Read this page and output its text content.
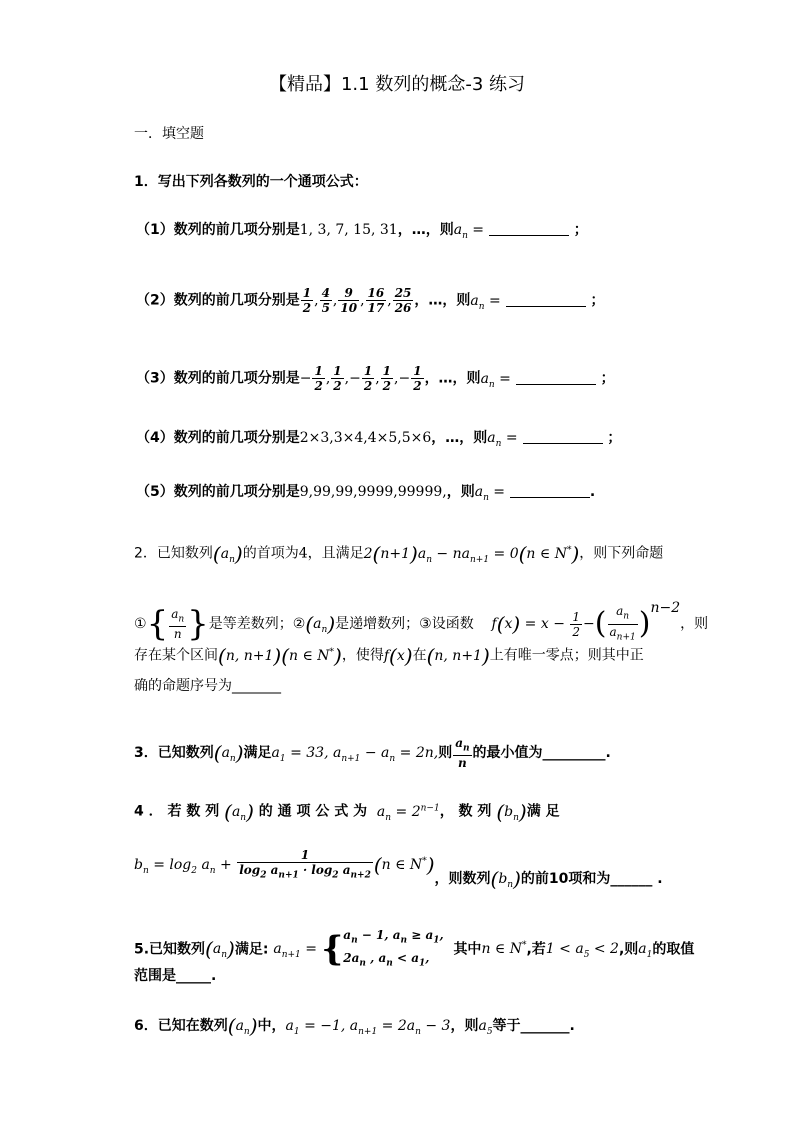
【精品】1.1 数列的概念-3 练习
一．填空题
1．写出下列各数列的一个通项公式：
（1）数列的前几项分别是1, 3, 7, 15, 31，…，则$a_n$ =	；
（2）数列的前几项分别是 $\frac{1}{2}$ , $\frac{4}{5}$ , $\frac{9}{10}$ , $\frac{16}{17}$ , $\frac{25}{26}$ ，…，则$a_n$ =	；
（3）数列的前几项分别是− $\frac{1}{2}$ , $\frac{1}{2}$ ,− $\frac{1}{2}$ , $\frac{1}{2}$ ,− $\frac{1}{2}$ ，…，则$a_n$ =	；
（4）数列的前几项分别是2×3,3×4,4×5,5×6，…，则$a_n$ =	；
（5）数列的前几项分别是9,99,99,9999,99999,，则$a_n$ =	.
2．已知数列$(a_n)$的首项为4，且满足$2(n+1)a_n - na_{n+1} = 0(n$ ∈ N*)，则下列命题
①{ $\frac{a_n}{n}$ }是等差数列；$②(a_n)$是递增数列；③设函数 $f(x) = x - \frac{1}{2}$ −( $\frac{a_n}{a_{n+1}} )^{n-2}$，则
存在某个区间(n, n+1)(n ∈ N*)，使得f(x)在(n, n+1)上有唯一零点；则其中正
确的命题序号为_______
3．已知数列$(a_n)$满足$a_1 = 33$, $a_{n+1} - a_n = 2n$,则 $\frac{a_n}{n}$ 的最小值为_________.
4 ． 若 数 列 $(a_n)$ 的 通 项 公 式 为 $a_n = 2^{n-1}$， 数 列 $(b_n)$满 足
$b_n = \log_2 a_n + \frac{1}{\log_2 a_{n+1} \cdot \log_2 a_{n+2}} (n$ ∈ N*)，则数列$(b_n)$的前10项和为______ .
5.已知数列$(a_n)$满足: $a_{n+1} = \{a_n - 1$, $a_n \ge a_1$,
$2a_n$ , $a_n < a_1$,  其中n ∈ N*,若$1 < a_5 < 2$,则$a_1$的取值
范围是_____.
6．已知在数列$(a_n)$中，$a_1 = -1$, $a_{n+1} = 2a_n - 3$，则$a_5$等于_______.
